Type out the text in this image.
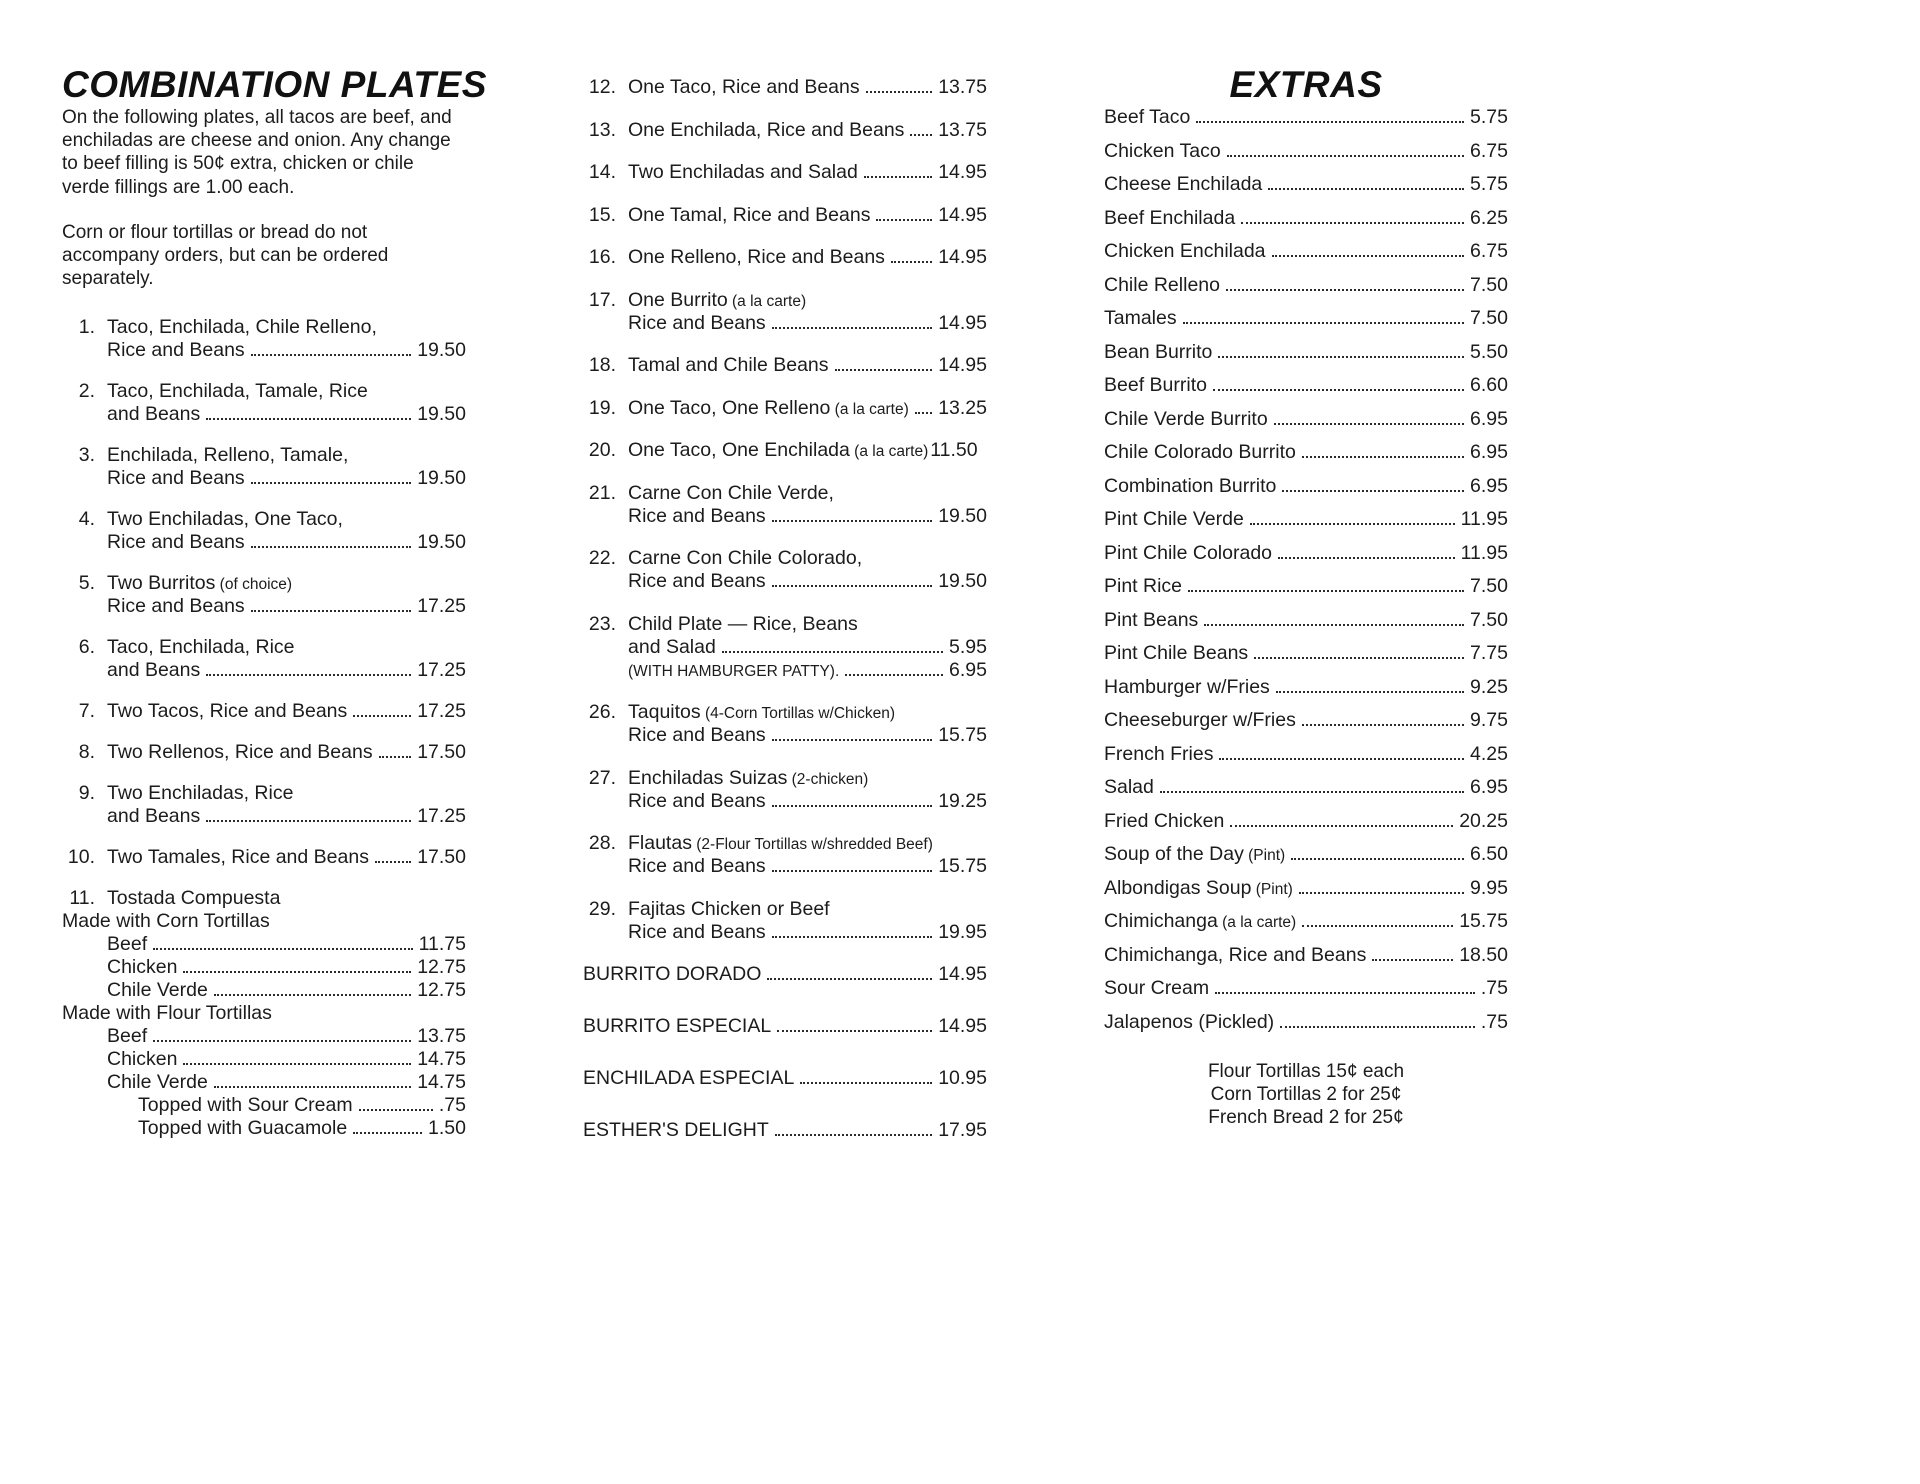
COMBINATION PLATES

On the following plates, all tacos are beef, and enchiladas are cheese and onion. Any change to beef filling is 50¢ extra, chicken or chile verde fillings are 1.00 each.

Corn or flour tortillas or bread do not accompany orders, but can be ordered separately.

1. Taco, Enchilada, Chile Relleno,
Rice and Beans	19.50
2. Taco, Enchilada, Tamale, Rice
and Beans	19.50
3. Enchilada, Relleno, Tamale,
Rice and Beans	19.50
4. Two Enchiladas, One Taco,
Rice and Beans	19.50
5. Two Burritos (of choice)
Rice and Beans	17.25
6. Taco, Enchilada, Rice
and Beans	17.25
7. Two Tacos, Rice and Beans	17.25
8. Two Rellenos, Rice and Beans 17.50
9. Two Enchiladas, Rice
and Beans	17.25
10. Two Tamales, Rice and Beans 17.50
11. Tostada Compuesta
Made with Corn Tortillas
Beef	11.75
Chicken	12.75
Chile Verde	12.75
Made with Flour Tortillas
Beef	13.75
Chicken	14.75
Chile Verde	14.75
Topped with Sour Cream	.75
Topped with Guacamole	1.50
12. One Taco, Rice and Beans	13.75
13. One Enchilada, Rice and Beans 13.75
14. Two Enchiladas and Salad	14.95
15. One Tamal, Rice and Beans	14.95
16. One Relleno, Rice and Beans	14.95
17. One Burrito (a la carte)
Rice and Beans	14.95
18. Tamal and Chile Beans	14.95
19. One Taco, One Relleno (a la carte) 13.25
20. One Taco, One Enchilada (a la carte) 11.50
21. Carne Con Chile Verde,
Rice and Beans	19.50
22. Carne Con Chile Colorado,
Rice and Beans	19.50
23. Child Plate — Rice, Beans
and Salad	5.95
(WITH HAMBURGER PATTY).	6.95
26. Taquitos (4-Corn Tortillas w/Chicken)
Rice and Beans	15.75
27. Enchiladas Suizas (2-chicken)
Rice and Beans	19.25
28. Flautas (2-Flour Tortillas w/shredded Beef)
Rice and Beans	15.75
29. Fajitas Chicken or Beef
Rice and Beans	19.95
BURRITO DORADO	14.95
BURRITO ESPECIAL	14.95
ENCHILADA ESPECIAL	10.95
ESTHER'S DELIGHT	17.95
EXTRAS
Beef Taco	5.75
Chicken Taco	6.75
Cheese Enchilada	5.75
Beef Enchilada	6.25
Chicken Enchilada	6.75
Chile Relleno	7.50
Tamales	7.50
Bean Burrito	5.50
Beef Burrito	6.60
Chile Verde Burrito	6.95
Chile Colorado Burrito	6.95
Combination Burrito	6.95
Pint Chile Verde	11.95
Pint Chile Colorado	11.95
Pint Rice	7.50
Pint Beans	7.50
Pint Chile Beans	7.75
Hamburger w/Fries	9.25
Cheeseburger w/Fries	9.75
French Fries	4.25
Salad	6.95
Fried Chicken	20.25
Soup of the Day (Pint)	6.50
Albondigas Soup (Pint)	9.95
Chimichanga (a la carte)	15.75
Chimichanga, Rice and Beans	18.50
Sour Cream	.75
Jalapenos (Pickled)	.75
Flour Tortillas 15¢ each
Corn Tortillas 2 for 25¢
French Bread 2 for 25¢
